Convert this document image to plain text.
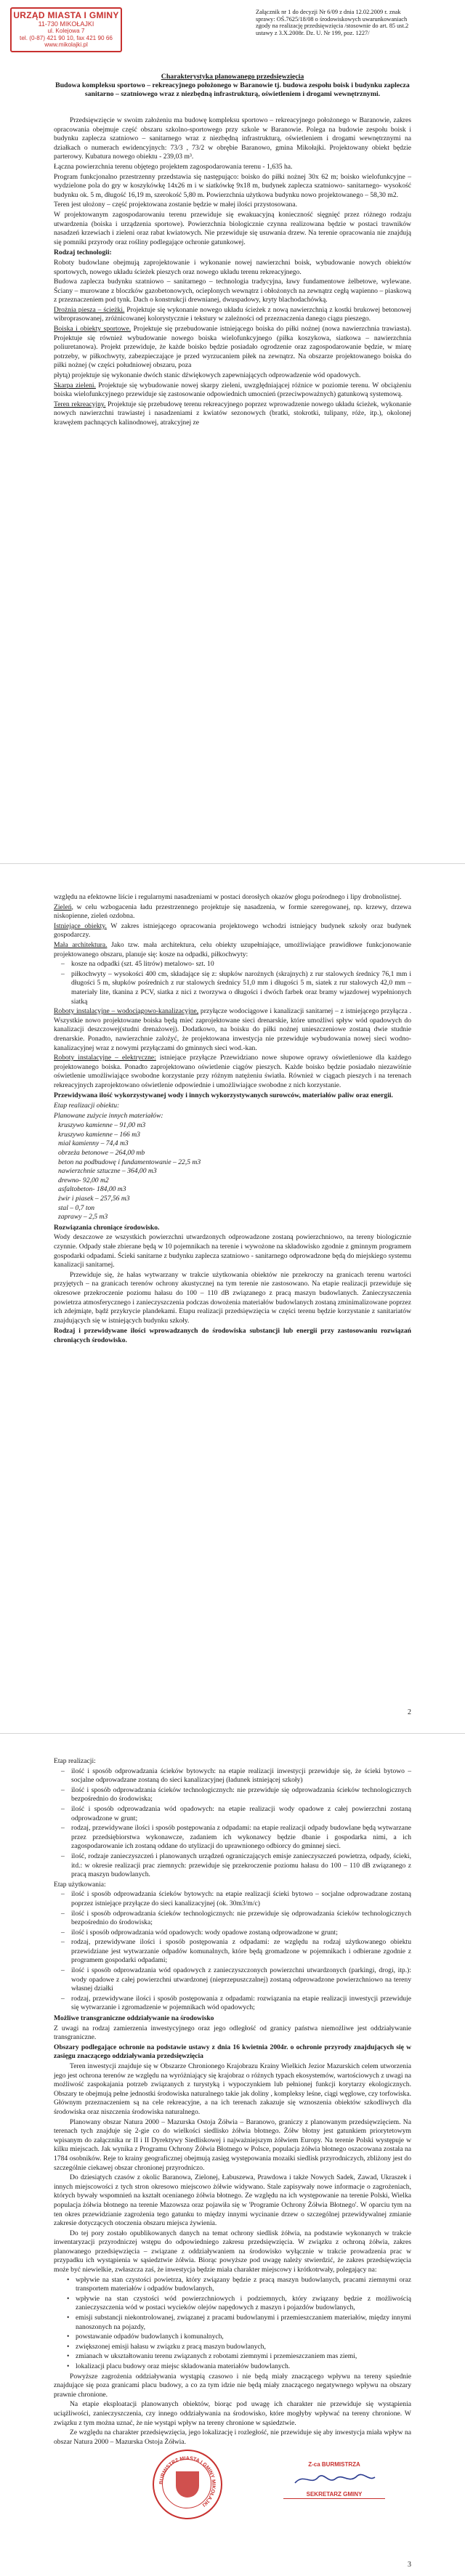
URZĄD MIASTA I GMINY
11-730 MIKOŁAJKI
ul. Kolejowa 7
tel. (0-87) 421 90 10, fax 421 90 66
www.mikolajki.pl
Załącznik nr 1 do decyzji Nr 6/09 z dnia 12.02.2009 r. znak sprawy: OŚ.7625/18/08 o środowiskowych uwarunkowaniach zgody na realizację przedsięwzięcia /stosownie do art. 85 ust.2 ustawy z 3.X.2008r. Dz. U. Nr 199, poz. 1227/
Charakterystyka planowanego przedsięwzięcia
Budowa kompleksu sportowo – rekreacyjnego położonego w Baranowie tj. budowa zespołu boisk i budynku zaplecza sanitarno – szatniowego wraz z niezbędną infrastrukturą, oświetleniem i drogami wewnętrznymi.

Przedsięwzięcie w swoim założeniu ma budowę kompleksu sportowo – rekreacyjnego położonego w Baranowie, zakres opracowania obejmuje część obszaru szkolno-sportowego przy szkole w Baranowie. Polega na budowie zespołu boisk i budynku zaplecza szatniowo – sanitarnego wraz z niezbędną infrastrukturą, oświetleniem i drogami wewnętrznymi na działkach o numerach ewidencyjnych: 73/3 , 73/2 w obrębie Baranowo, gmina Mikołajki. Projektowany obiekt będzie parterowy. Kubatura nowego obiektu - 239,03 m³.

Łączna powierzchnia terenu objętego projektem zagospodarowania terenu - 1,635 ha.

Program funkcjonalno przestrzenny przedstawia się następująco: boisko do piłki nożnej 30x 62 m; boisko wielofunkcyjne – wydzielone pola do gry w koszykówkę 14x26 m i w siatkówkę 9x18 m, budynek zaplecza szatniowo- sanitarnego- wysokość budynku ok. 5 m, długość 16,19 m, szerokość 5,80 m. Powierzchnia użytkowa budynku nowo projektowanego – 58,30 m2.

Teren jest ułożony – część projektowana zostanie będzie w małej ilości przystosowana.

W projektowanym zagospodarowaniu terenu przewiduje się ewakuacyjną konieczność sięgnięć przez różnego rodzaju utwardzenia (boiska i urządzenia sportowe). Powierzchnia biologicznie czynna realizowana będzie w postaci trawników nasadzeń krzewiach i zieleni oraz rabat kwiatowych. Nie przewiduje się usuwania drzew. Na terenie opracowania nie znajdują się pomniki przyrody oraz rośliny podlegające ochronie gatunkowej.

Rodzaj technologii:

Roboty budowlane obejmują zaprojektowanie i wykonanie nowej nawierzchni boisk, wybudowanie nowych obiektów sportowych, nowego układu ścieżek pieszych oraz nowego układu terenu rekreacyjnego.

Budowa zaplecza budynku szatniowo – sanitarnego – technologia tradycyjna, ławy fundamentowe żelbetowe, wylewane. Ściany – murowane z bloczków gazobetonowych, ocieplonych wewnątrz i obłożonych na zewnątrz cegłą wapienno – piaskową z przeznaczeniem pod tynk. Dach o konstrukcji drewnianej, dwuspadowy, kryty blachodachówką.

Drożnia piesza – ścieżki. Projektuje się wykonanie nowego układu ścieżek z nową nawierzchnią z kostki brukowej betonowej wibroprasowanej, zróżnicowanej kolorystycznie i tekstury w zależności od przeznaczenia danego ciągu pieszego.

Boiska i obiekty sportowe. Projektuje się przebudowanie istniejącego boiska do piłki nożnej (nowa nawierzchnia trawiasta). Projektuje się również wybudowanie nowego boiska wielofunkcyjnego (piłka koszykowa, siatkowa – nawierzchnia poliuretanowa). Projekt przewiduje, że każde boisko będzie posiadało ogrodzenie oraz zagospodarowanie będzie, w miarę potrzeby, w piłkochwyty, zabezpieczające je przed wyrzucaniem piłek na zewnątrz. Na obszarze projektowanego boiska do piłki nożnej (w części południowej obszaru, poza

płytą) projektuje się wykonanie dwóch stanic dźwiękowych zapewniających odprowadzenie wód opadowych.

Skarpa zieleni. Projektuje się wybudowanie nowej skarpy zieleni, uwzględniającej różnice w poziomie terenu. W obciążeniu boiska wielofunkcyjnego przewiduje się zastosowanie odpowiednich umocnień (przeciwpoważnych) gatunkową systemową.

Teren rekreacyjny. Projektuje się przebudowę terenu rekreacyjnego poprzez wprowadzenie nowego układu ścieżek, wykonanie nowych nawierzchni trawiastej i nasadzeniami z kwiatów sezonowych (bratki, stokrotki, tulipany, róże, itp.), okolonej krawężem pachnących kalinodnowej, atrakcyjnej ze

względu na efektowne liście i regularnymi nasadzeniami w postaci dorosłych okazów głogu pośrodnego i lipy drobnolistnej.

Zieleń, w celu wzbogacenia ładu przestrzennego projektuje się nasadzenia, w formie szeregowanej, np. krzewy, drzewa niskopienne, zieleń ozdobna.

Istniejące obiekty. W zakres istniejącego opracowania projektowego wchodzi istniejący budynek szkoły oraz budynek gospodarczy.

Mała architektura. Jako tzw. mała architektura, celu obiekty uzupełniające, umożliwiające prawidłowe funkcjonowanie projektowanego obszaru, planuje się: kosze na odpadki, piłkochwyty:

– kosze na odpadki (szt. 45 litrów) metalowo- szt. 10
– piłkochwyty – wysokości 400 cm, składające się z: słupków narożnych (skrajnych) z rur stalowych średnicy 76,1 mm i długości 5 m, słupków pośrednich z rur stalowych średnicy 51,0 mm i długości 5 m, siatek z rur stalowych 42,0 mm – materiały lite, tkanina z PCV, siatka z nici z tworzywa o długości i dwóch farbek oraz bramy wjazdowej wypełnionych siatką

Roboty instalacyjne – wodociągowo-kanalizacyjne, przyłącze wodociągowe i kanalizacji sanitarnej – z istniejącego przyłącza . Wszystkie nowo projektowane boiska będą mieć zaprojektowane sieci drenarskie, które umożliwi spływ wód opadowych do kanalizacji deszczowej(studni drenażowej). Dodatkowo, na boisku do piłki nożnej unieszczeniowe zostaną dwie studnie drenarskie. Ponadto, nawierzchnie zalożyć, że projektowana inwestycja nie przewiduje wybudowania nowej sieci wodno-kanalizacyjnej wraz z nowymi przyłączami do gminnych sieci wod.-kan.

Roboty instalacyjne – elektryczne: istniejące przyłącze Przewidziano nowe słupowe oprawy oświetleniowe dla każdego projektowanego boiska. Ponadto zaprojektowano oświetlenie ciągów pieszych. Każde boisko będzie posiadało niezawiśnie oświetlenie umożliwiające swobodne korzystanie przy różnym natężeniu światła. Również w ciągach pieszych i na terenach rekreacyjnych zaprojektowano oświetlenie odpowiednie i umożliwiające swobodne z nich korzystanie.

Przewidywana ilość wykorzystywanej wody i innych wykorzystywanych surowców, materiałów paliw oraz energii.

Etap realizacji obiektu:

Planowane zużycie innych materiałów:

kruszywo kamienne – 91,00 m3
kruszywo kamienne – 166 m3
mial kamienny – 74,4 m3
obrzeża betonowe – 264,00 mb
beton na podbudowę i fundamentowanie – 22,5 m3
nawierzchnie sztuczne – 364,00 m3
drewno- 92,00 m2
asfaltobeton- 184,00 m3
żwir i piasek – 257,56 m3
stal – 0,7 ton
zaprawy – 2,5 m3

Rozwiązania chroniące środowisko.

Wody deszczowe ze wszystkich powierzchni utwardzonych odprowadzone zostaną powierzchniowo, na tereny biologicznie czynnie. Odpady stałe zbierane będą w 10 pojemnikach na terenie i wywożone na składowisko zgodnie z gminnym programem gospodarki odpadami. Ścieki sanitarne z budynku zaplecza szatniowo - sanitarnego odprowadzone będą do miejskiego systemu kanalizacji sanitarnej.

Przewiduje się, że hałas wytwarzany w trakcie użytkowania obiektów nie przekroczy na granicach terenu wartości przyjętych – na granicach terenów ochrony akustycznej na tym terenie nie zastosowano. Na etapie realizacji przewiduje się okresowe przekroczenie poziomu hałasu do 100 – 110 dB związanego z pracą maszyn budowlanych. Zanieczyszczenia powietrza atmosferycznego i zanieczyszczenia podczas dowożenia materiałów budowlanych zostaną zminimalizowane poprzez ich zdejmiąte, bądź przykrycie plandekami. Etapu realizacji przedsięwzięcia w części terenu będzie korzystanie z sanitariatów znajdujących się w istniejących budynku szkoły.

Rodzaj i przewidywane ilości wprowadzanych do środowiska substancji lub energii przy zastosowaniu rozwiązań chroniących środowisko.

2

Etap realizacji:

– ilość i sposób odprowadzania ścieków bytowych: na etapie realizacji inwestycji przewiduje się, że ścieki bytowo – socjalne odprowadzane zostaną do sieci kanalizacyjnej (ładunek istniejącej szkoły)
– ilość i sposób odprowadzania ścieków technologicznych: nie przewiduje się odprowadzania ścieków technologicznych bezpośrednio do środowiska;
– ilość i sposób odprowadzania wód opadowych: na etapie realizacji wody opadowe z całej powierzchni zostaną odprowadzone w grunt;
– rodzaj, przewidywane ilości i sposób postępowania z odpadami: na etapie realizacji odpady budowlane będą wytwarzane przez przedsiębiorstwa wykonawcze, zadaniem ich wykonawcy będzie dbanie i gospodarka nimi, a ich zagospodarowanie ich zostaną oddane do utylizacji do uprawnionego odbiorcy do gminnej sieci.
– ilość, rodzaje zanieczyszczeń i planowanych urządzeń ograniczających emisje zanieczyszczeń powietrza, odpady, ścieki, itd.: w okresie realizacji prac ziemnych: przewiduje się przekroczenie poziomu hałasu do 100 – 110 dB związanego z pracą maszyn budowlanych.

Etap użytkowania:

– ilość i sposób odprowadzania ścieków bytowych: na etapie realizacji ścieki bytowo – socjalne odprowadzane zostaną poprzez istniejące przyłącze do sieci kanalizacyjnej (ok. 30m3/m/c)
– ilość i sposób odprowadzania ścieków technologicznych: nie przewiduje się odprowadzania ścieków technologicznych bezpośrednio do środowiska;
– ilość i sposób odprowadzania wód opadowych: wody opadowe zostaną odprowadzone w grunt;
– rodzaj, przewidywane ilości i sposób postępowania z odpadami: ze względu na rodzaj użytkowanego obiektu przewidziane jest wytwarzanie odpadów komunalnych, które będą gromadzone w pojemnikach i odbierane zgodnie z programem gospodarki odpadami;
– ilość i sposób odprowadzania wód opadowych z zanieczyszczonych powierzchni utwardzonych (parkingi, drogi, itp.): wody opadowe z całej powierzchni utwardzonej (nieprzepuszczalnej) zostaną odprowadzone powierzchniowo na tereny własnej działki
– rodzaj, przewidywane ilości i sposób postępowania z odpadami: rozwiązania na etapie realizacji inwestycji przewiduje się wytwarzanie i zgromadzenie w pojemnikach wód opadowych;

Możliwe transgraniczne oddziaływanie na środowisko

Z uwagi na rodzaj zamierzenia inwestycyjnego oraz jego odległość od granicy państwa niemożliwe jest oddziaływanie transgraniczne.

Obszary podlegające ochronie na podstawie ustawy z dnia 16 kwietnia 2004r. o ochronie przyrody znajdujących się w zasięgu znaczącego oddziaływania przedsięwzięcia

Teren inwestycji znajduje się w Obszarze Chronionego Krajobrazu Krainy Wielkich Jezior Mazurskich celem utworzenia jego jest ochrona terenów ze względu na wyróżniający się krajobraz o różnych typach ekosystemów, wartościowych z uwagi na możliwość zaspokajania potrzeb związanych z turystyką i wypoczynkiem lub pełnionej funkcji korytarzy ekologicznych. Obszary te obejmują pełne jednostki środowiska naturalnego takie jak doliny , kompleksy leśne, ciągi węglowe, czy torfowiska. Głównym przeznaczeniem są na cele rekreacyjne, a na ich terenach zakazuje się wznoszenia obiektów szkodliwych dla środowiska oraz niszczenia środowiska naturalnego.

Planowany obszar Natura 2000 – Mazurska Ostoja Żółwia – Baranowo, graniczy z planowanym przedsięwzięciem. Na terenach tych znajduje się 2-gie co do wielkości siedlisko żółwia błotnego. Żółw błotny jest gatunkiem priorytetowym wpisanym do załącznika nr II i II Dyrektywy Siedliskowej i najważniejszym żółwiem Europy. Na terenie Polski występuje w kilku miejscach. Jak wynika z Programu Ochrony Żółwia Błotnego w Polsce, populacja żółwia błotnego oszacowana została na 1784 osobników. Reje to krainy geograficznej obejmują zasięg występowania mozaiki siedlisk przyrodniczych, zbliżony jest do szczególnie ciekawej obszar chronionej przyrodniczo.

Do dziesiątych czasów z okolic Baranowa, Zielonej, Łabuszewa, Prawdowa i także Nowych Sadek, Zawad, Ukraszek i innych miejscowości z tych stron okresowo miejscowo żółwie widywano. Stale zapisywały nowe informacje o zagrożeniach, których bywały wspomnień na kształt ocenianego żółwia błotnego. Ze względu na ich występowanie na terenie Polski, Wielka populacja żółwia błotnego na terenie Mazowsza oraz pojawiła się w 'Programie Ochrony Żółwia Błotnego'. W oparciu tym na ten okres przewidzianie zagrożenia tego gatunku to między innymi wycinanie drzew o szczególnej przewidywalnej zmianie zakresie dotyczących otoczenia obszaru miejsca żywienia.

Do tej pory zostało opublikowanych danych na temat ochrony siedlisk żółwia, na podstawie wykonanych w trakcie inwentaryzacji przyrodniczej wstępu do odpowiedniego zakresu przedsięwzięcia. W związku z ochroną żółwia, zakres planowanego przedsięwzięcia – związane z oddziaływaniem na środowisko wyłącznie w trakcie prowadzenia prac w przypadku ich wystąpienia w sąsiedztwie żółwia. Biorąc powyższe pod uwagę należy stwierdzić, że zakres przedsięwzięcia może być niewielkie, zwłaszcza zaś, że inwestycja będzie miała charakter miejscowy i krótkotrwały, polegający na:

• wpływie na stan czystości powietrza, który związany będzie z pracą maszyn budowlanych, pracami ziemnymi oraz transportem materiałów i odpadów budowlanych,
• wpływie na stan czystości wód powierzchniowych i podziemnych, który związany będzie z możliwością zanieczyszczenia wód w postaci wycieków olejów napędowych z maszyn i pojazdów budowlanych,
• emisji substancji niekontrolowanej, związanej z pracami budowlanymi i przemieszczaniem materiałów, między innymi nanoszonych na pojazdy,
• powstawanie odpadów budowlanych i komunalnych,
• zwiększonej emisji hałasu w związku z pracą maszyn budowlanych,
• zmianach w ukształtowaniu terenu związanych z robotami ziemnymi i przemieszczaniem mas ziemi,
• lokalizacji placu budowy oraz miejsc składowania materiałów budowlanych.

Powyższe zagrożenia oddziaływania wystąpią czasowo i nie będą miały znaczącego wpływu na tereny sąsiednie znajdujące się poza granicami placu budowy, a co za tym idzie nie będą miały znaczącego negatywnego wpływu na obszary prawnie chronione.

Na etapie eksploatacji planowanych obiektów, biorąc pod uwagę ich charakter nie przewiduje się wystąpienia uciążliwości, zanieczyszczenia, czy innego oddziaływania na środowisko, które mogłyby wpływać na tereny chronione. W związku z tym można uznać, że nie wystąpi wpływ na tereny chronione w sąsiedztwie.

Ze względu na charakter przedsięwzięcia, jego lokalizację i rozległość, nie przewiduje się aby inwestycja miała wpływ na obszar Natura 2000 – Mazurska Ostoja Żółwia.

BURMISTRZ MIASTA I GMINY MIKOŁAJKI
Z-ca BURMISTRZA
SEKRETARZ GMINY
3
